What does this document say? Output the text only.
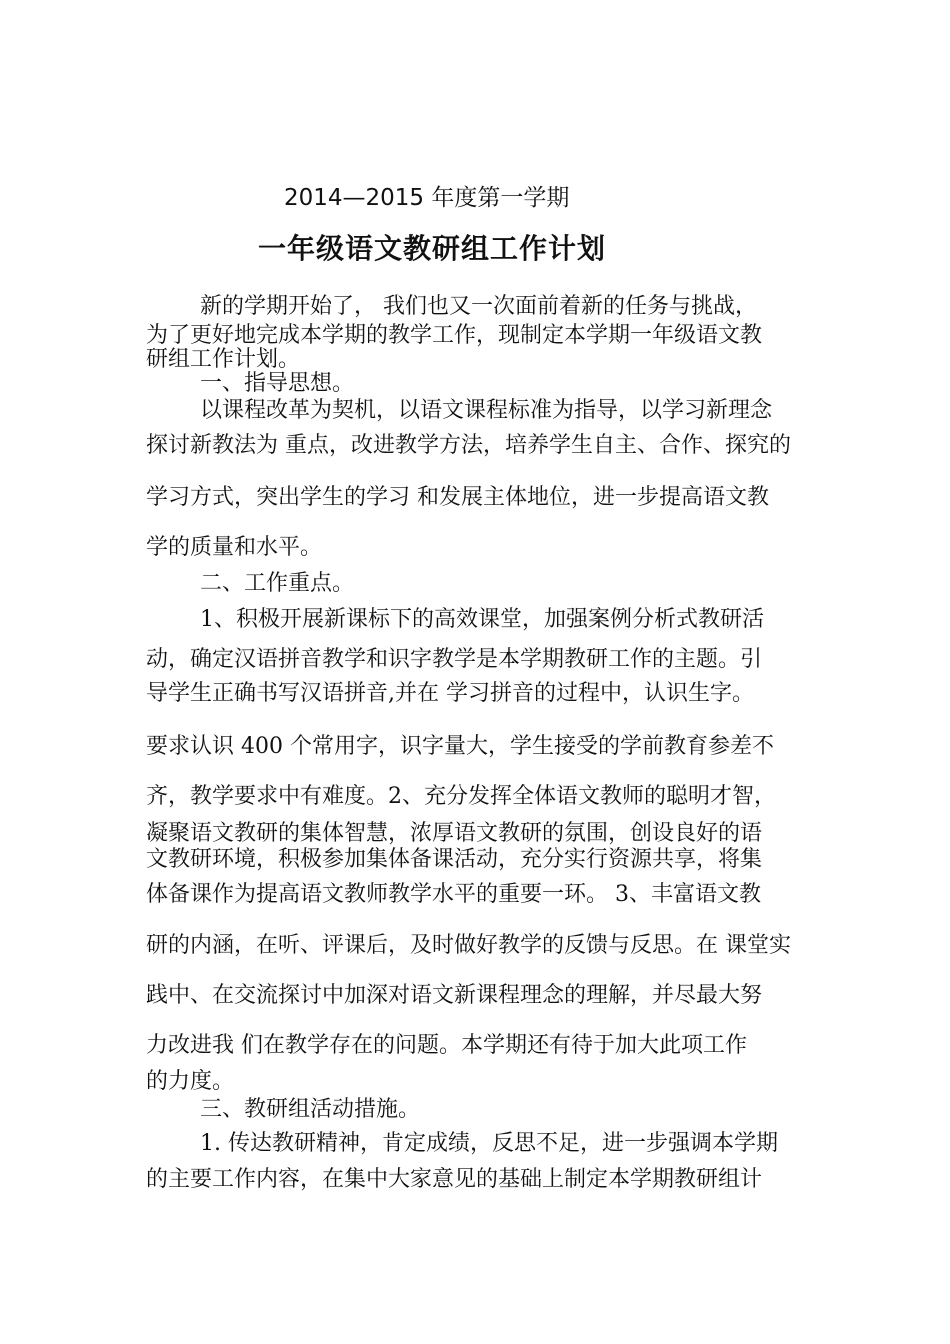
2014—2015 年度第一学期
一年级语文教研组工作计划
新的学期开始了， 我们也又一次面前着新的任务与挑战，
为了更好地完成本学期的教学工作，现制定本学期一年级语文教
研组工作计划。
一、指导思想。
以课程改革为契机，以语文课程标准为指导，以学习新理念
探讨新教法为 重点，改进教学方法，培养学生自主、合作、探究的
学习方式，突出学生的学习 和发展主体地位，进一步提高语文教
学的质量和水平。
二、工作重点。
1、积极开展新课标下的高效课堂，加强案例分析式教研活
动，确定汉语拼音教学和识字教学是本学期教研工作的主题。引
导学生正确书写汉语拼音,并在 学习拼音的过程中，认识生字。
要求认识 400 个常用字，识字量大，学生接受的学前教育参差不
齐，教学要求中有难度。2、充分发挥全体语文教师的聪明才智，
凝聚语文教研的集体智慧，浓厚语文教研的氛围，创设良好的语
文教研环境，积极参加集体备课活动，充分实行资源共享，将集
体备课作为提高语文教师教学水平的重要一环。 3、丰富语文教
研的内涵，在听、评课后，及时做好教学的反馈与反思。在 课堂实
践中、在交流探讨中加深对语文新课程理念的理解，并尽最大努
力改进我 们在教学存在的问题。本学期还有待于加大此项工作
的力度。
三、教研组活动措施。
1. 传达教研精神，肯定成绩，反思不足，进一步强调本学期
的主要工作内容，在集中大家意见的基础上制定本学期教研组计
